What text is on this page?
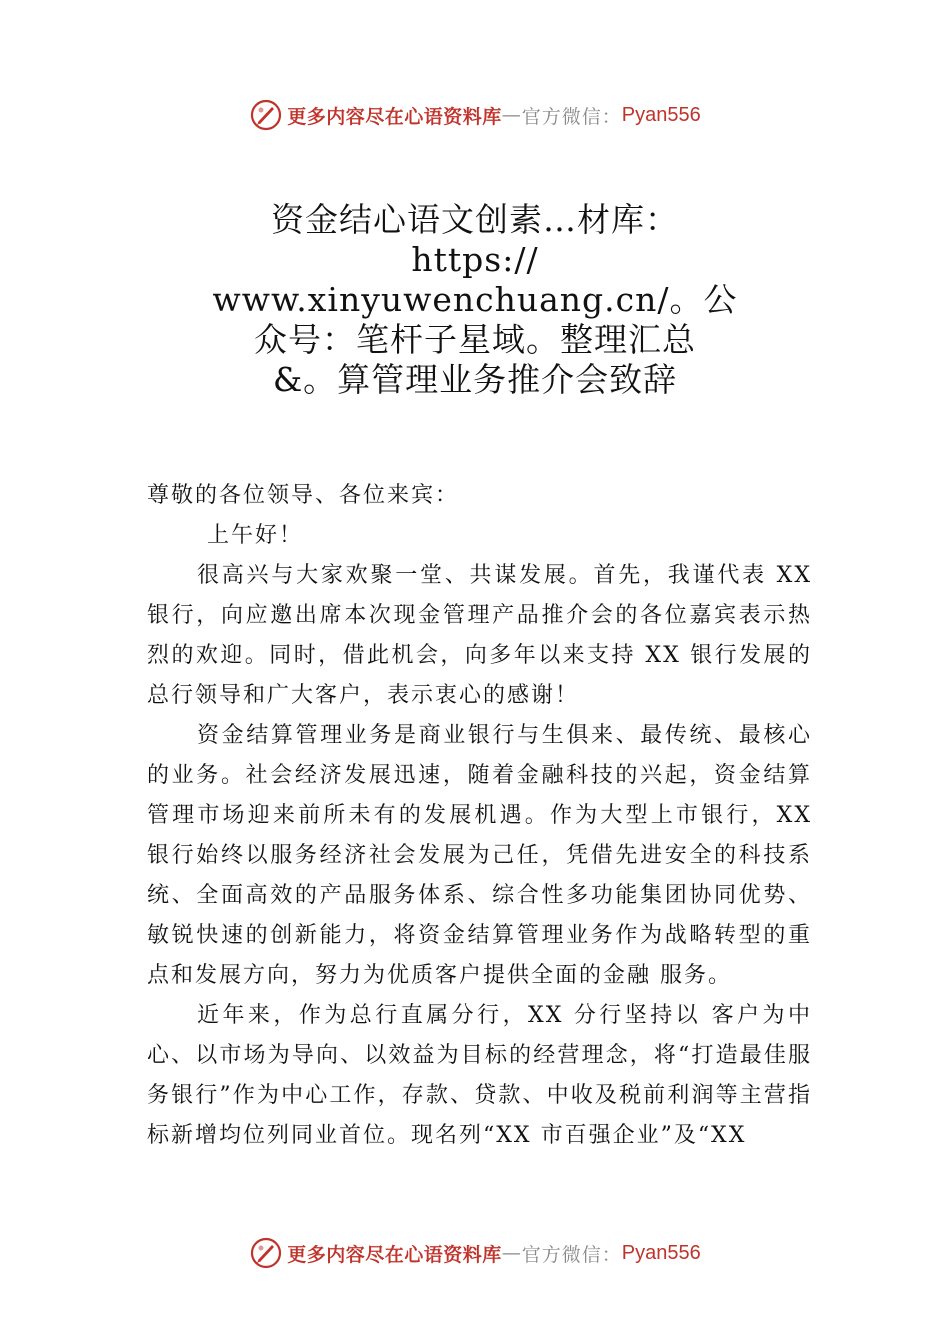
更多内容尽在心语资料库 — 官方微信： Pyan556
资金结心语文创素…材库：
https://
www.xinyuwenchuang.cn/。公
众号：笔杆子星域。整理汇总
&。算管理业务推介会致辞

尊敬的各位领导、各位来宾：

上午好！

很高兴与大家欢聚一堂、共谋发展。首先，我谨代表 XX 银行，向应邀出席本次现金管理产品推介会的各位嘉宾表示热烈的欢迎。同时，借此机会，向多年以来支持 XX 银行发展的总行领导和广大客户，表示衷心的感谢！

资金结算管理业务是商业银行与生俱来、最传统、最核心的业务。社会经济发展迅速，随着金融科技的兴起，资金结算管理市场迎来前所未有的发展机遇。作为大型上市银行，XX 银行始终以服务经济社会发展为己任，凭借先进安全的科技系统、全面高效的产品服务体系、综合性多功能集团协同优势、敏锐快速的创新能力，将资金结算管理业务作为战略转型的重点和发展方向，努力为优质客户提供全面的金融 服务。

近年来，作为总行直属分行，XX 分行坚持以 客户为中心、以市场为导向、以效益为目标的经营理念，将“打造最佳服务银行”作为中心工作，存款、贷款、中收及税前利润等主营指标新增均位列同业首位。现名列“XX 市百强企业”及“XX

更多内容尽在心语资料库 — 官方微信： Pyan556
